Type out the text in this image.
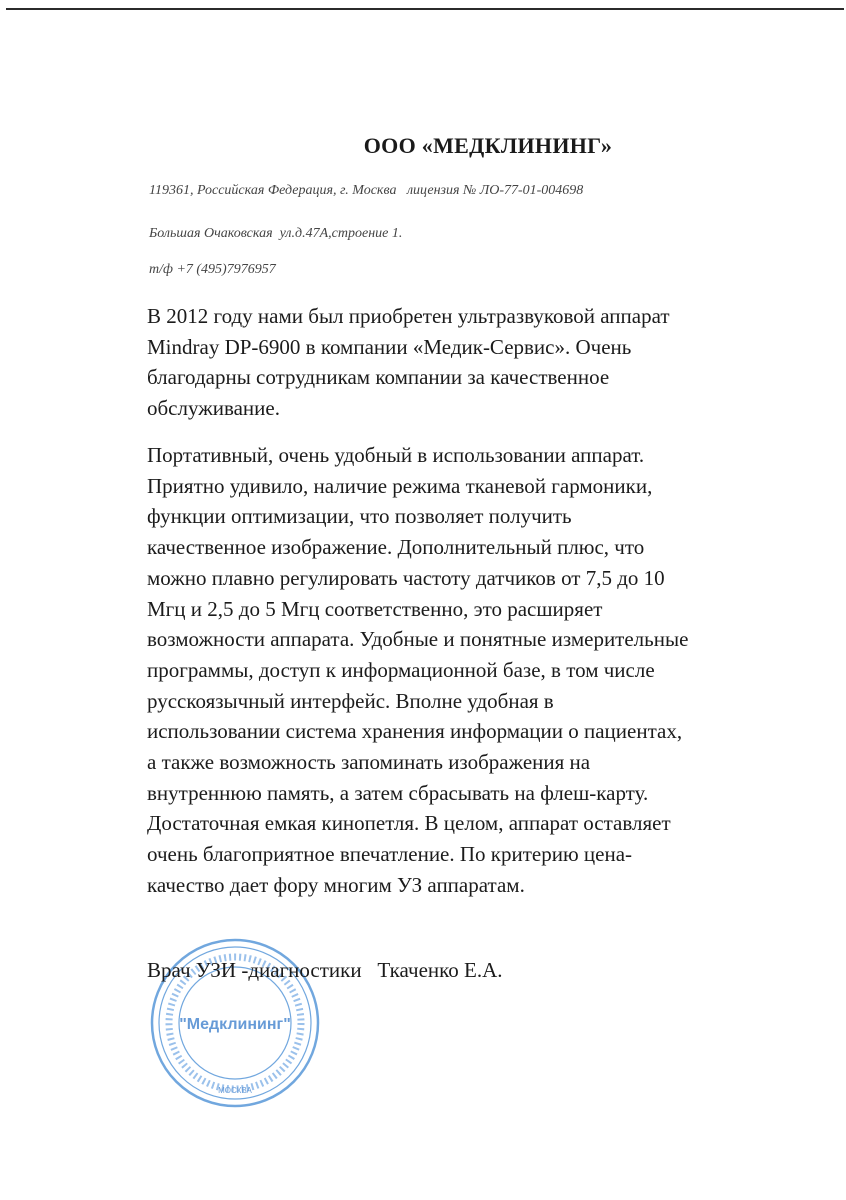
ООО «МЕДКЛИНИНГ»
119361, Российская Федерация, г. Москва   лицензия № ЛО-77-01-004698
Большая Очаковская  ул.д.47А,строение 1.
т/ф +7 (495)7976957
В 2012 году нами был приобретен ультразвуковой аппарат
Mindray DP-6900 в компании «Медик-Сервис». Очень
благодарны сотрудникам компании за качественное
обслуживание.
Портативный, очень удобный в использовании аппарат.
Приятно удивило, наличие режима тканевой гармоники,
функции оптимизации, что позволяет получить
качественное изображение. Дополнительный плюс, что
можно плавно регулировать частоту датчиков от 7,5 до 10
Мгц и 2,5 до 5 Мгц соответственно, это расширяет
возможности аппарата. Удобные и понятные измерительные
программы, доступ к информационной базе, в том числе
русскоязычный интерфейс. Вполне удобная в
использовании система хранения информации о пациентах,
а также возможность запоминать изображения на
внутреннюю память, а затем сбрасывать на флеш-карту.
Достаточная емкая кинопетля. В целом, аппарат оставляет
очень благоприятное впечатление. По критерию цена-
качество дает фору многим УЗ аппаратам.
"Медклининг"
МОСКВА
Врач УЗИ -диагностики   Ткаченко Е.А.
